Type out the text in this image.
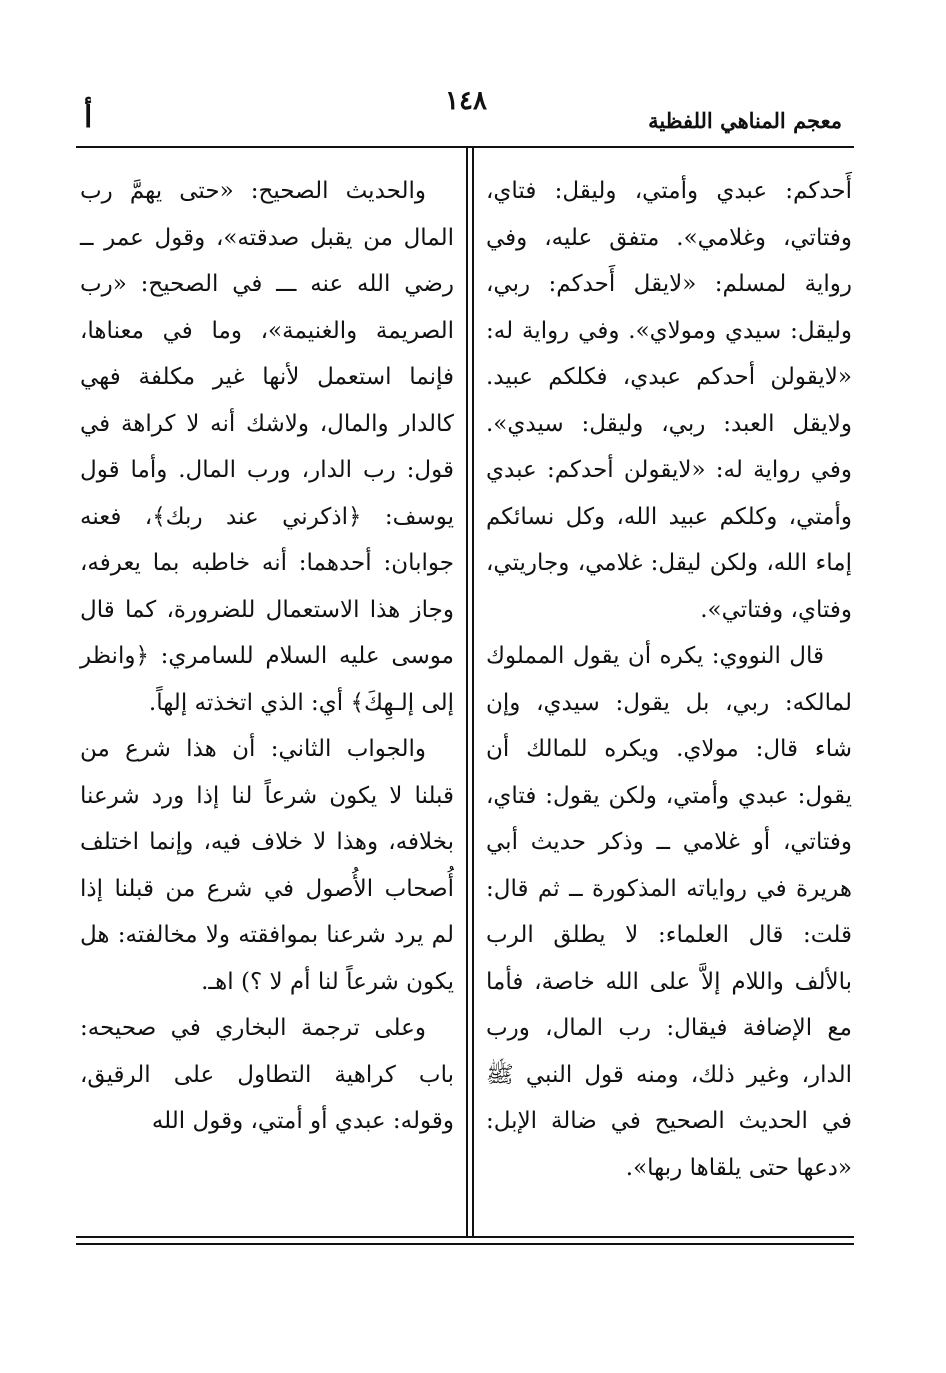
معجم المناهي اللفظية
١٤٨
أ

أَحدكم: عبدي وأمتي، وليقل: فتاي، وفتاتي، وغلامي». متفق عليه، وفي رواية لمسلم: «لايقل أَحدكم: ربي، وليقل: سيدي ومولاي». وفي رواية له: «لايقولن أحدكم عبدي، فكلكم عبيد. ولايقل العبد: ربي، وليقل: سيدي». وفي رواية له: «لايقولن أحدكم: عبدي وأمتي، وكلكم عبيد الله، وكل نسائكم إماء الله، ولكن ليقل: غلامي، وجاريتي، وفتاي، وفتاتي».

قال النووي: يكره أن يقول المملوك لمالكه: ربي، بل يقول: سيدي، وإن شاء قال: مولاي. ويكره للمالك أن يقول: عبدي وأمتي، ولكن يقول: فتاي، وفتاتي، أو غلامي ــ وذكر حديث أبي هريرة في رواياته المذكورة ــ ثم قال: قلت: قال العلماء: لا يطلق الرب بالألف واللام إلاَّ على الله خاصة، فأما مع الإضافة فيقال: رب المال، ورب الدار، وغير ذلك، ومنه قول النبي ﷺ في الحديث الصحيح في ضالة الإبل: «دعها حتى يلقاها ربها».

والحديث الصحيح: «حتى يهمَّ رب المال من يقبل صدقته»، وقول عمر ــ رضي الله عنه ـــ في الصحيح: «رب الصريمة والغنيمة»، وما في معناها، فإنما استعمل لأنها غير مكلفة فهي كالدار والمال، ولاشك أنه لا كراهة في قول: رب الدار، ورب المال. وأما قول يوسف: ﴿اذكرني عند ربك﴾، فعنه جوابان: أحدهما: أنه خاطبه بما يعرفه، وجاز هذا الاستعمال للضرورة، كما قال موسى عليه السلام للسامري: ﴿وانظر إلى إلـهِكَ﴾ أي: الذي اتخذته إلهاً.

والجواب الثاني: أن هذا شرع من قبلنا لا يكون شرعاً لنا إذا ورد شرعنا بخلافه، وهذا لا خلاف فيه، وإنما اختلف أُصحاب الأُصول في شرع من قبلنا إذا لم يرد شرعنا بموافقته ولا مخالفته: هل يكون شرعاً لنا أم لا ؟) اهـ.

وعلى ترجمة البخاري في صحيحه: باب كراهية التطاول على الرقيق، وقوله: عبدي أو أمتي، وقول الله
